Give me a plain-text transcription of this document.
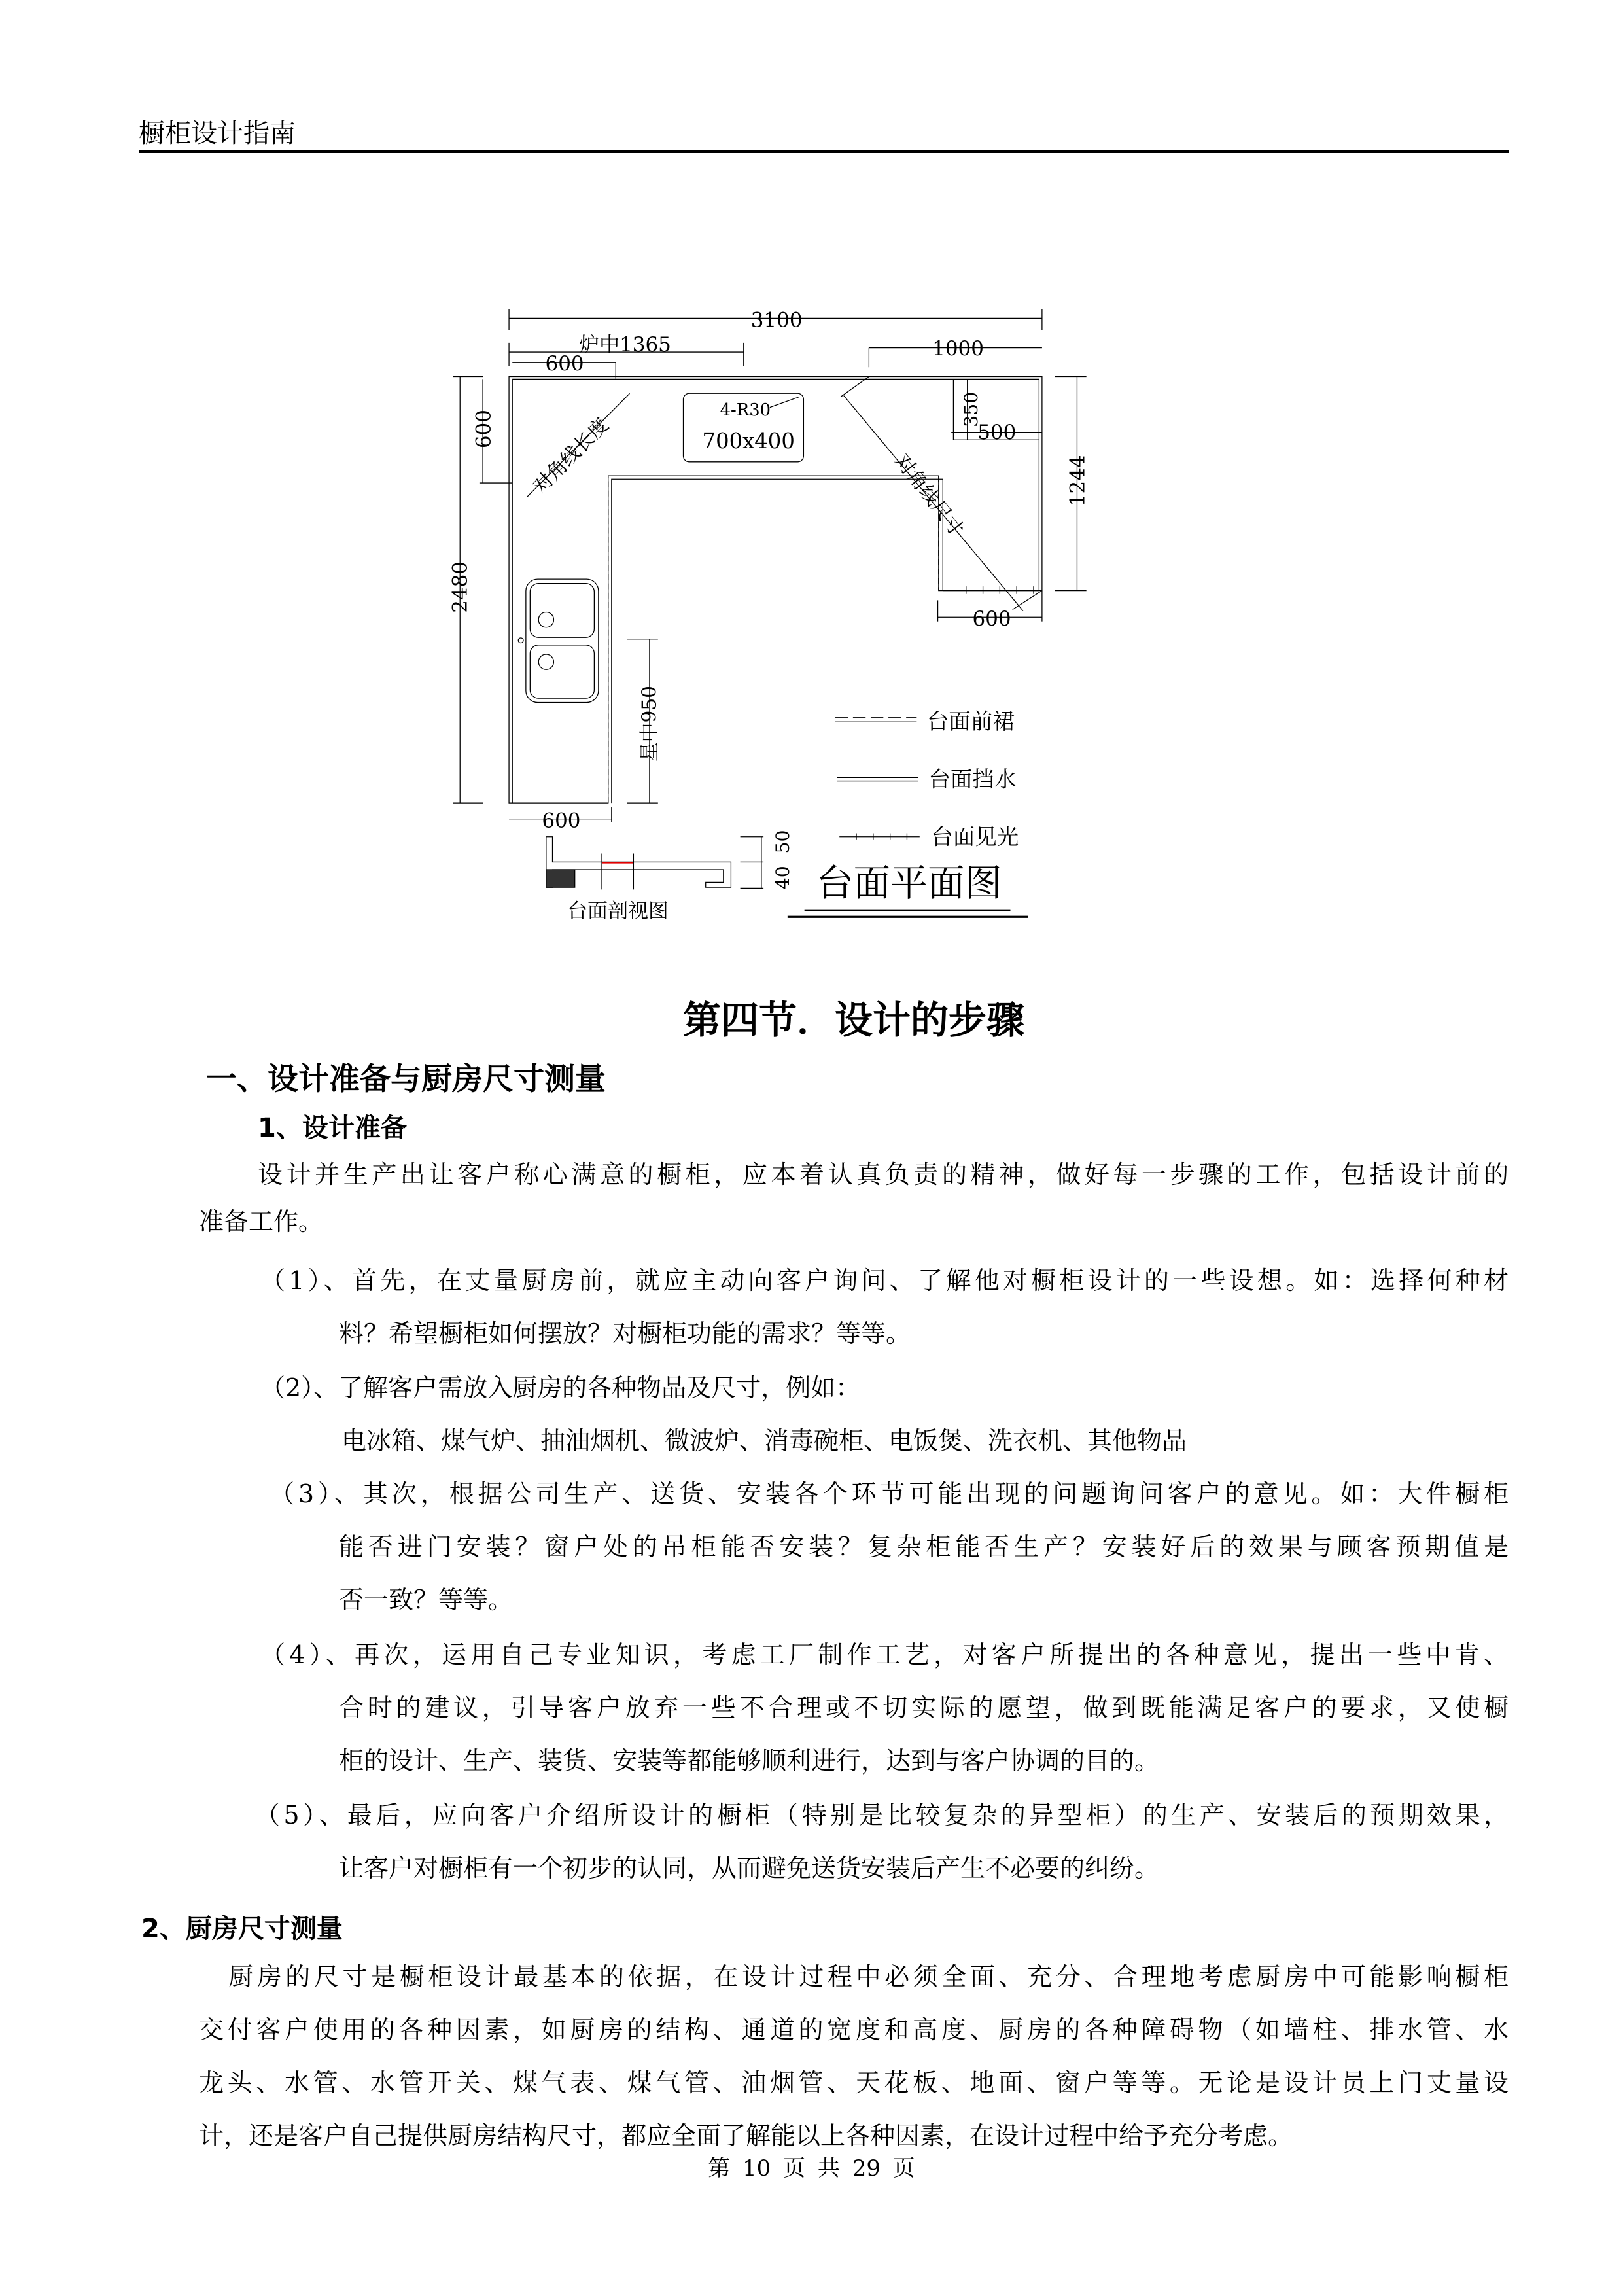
橱柜设计指南
4-R30
700x400
3100
炉中1365
600
1000
350
500
600
2480
1244
600
星中950
600
对角线长度	对角线尺寸
50
40
台面剖视图
台面前裙
台面挡水
台面见光
台面平面图
第四节．设计的步骤
一、设计准备与厨房尺寸测量
1、设计准备
设计并生产出让客户称心满意的橱柜，应本着认真负责的精神，做好每一步骤的工作，包括设计前的
准备工作。
（1）、首先，在丈量厨房前，就应主动向客户询问、了解他对橱柜设计的一些设想。如：选择何种材
料？希望橱柜如何摆放？对橱柜功能的需求？等等。
（2）、了解客户需放入厨房的各种物品及尺寸，例如：
电冰箱、煤气炉、抽油烟机、微波炉、消毒碗柜、电饭煲、洗衣机、其他物品
（3）、其次，根据公司生产、送货、安装各个环节可能出现的问题询问客户的意见。如：大件橱柜
能否进门安装？窗户处的吊柜能否安装？复杂柜能否生产？安装好后的效果与顾客预期值是
否一致？等等。
（4）、再次，运用自己专业知识，考虑工厂制作工艺，对客户所提出的各种意见，提出一些中肯、
合时的建议，引导客户放弃一些不合理或不切实际的愿望，做到既能满足客户的要求，又使橱
柜的设计、生产、装货、安装等都能够顺利进行，达到与客户协调的目的。
（5）、最后，应向客户介绍所设计的橱柜（特别是比较复杂的异型柜）的生产、安装后的预期效果，
让客户对橱柜有一个初步的认同，从而避免送货安装后产生不必要的纠纷。
2、厨房尺寸测量
厨房的尺寸是橱柜设计最基本的依据，在设计过程中必须全面、充分、合理地考虑厨房中可能影响橱柜
交付客户使用的各种因素，如厨房的结构、通道的宽度和高度、厨房的各种障碍物（如墙柱、排水管、水
龙头、水管、水管开关、煤气表、煤气管、油烟管、天花板、地面、窗户等等。无论是设计员上门丈量设
计，还是客户自己提供厨房结构尺寸，都应全面了解能以上各种因素，在设计过程中给予充分考虑。
第 10 页 共 29 页
